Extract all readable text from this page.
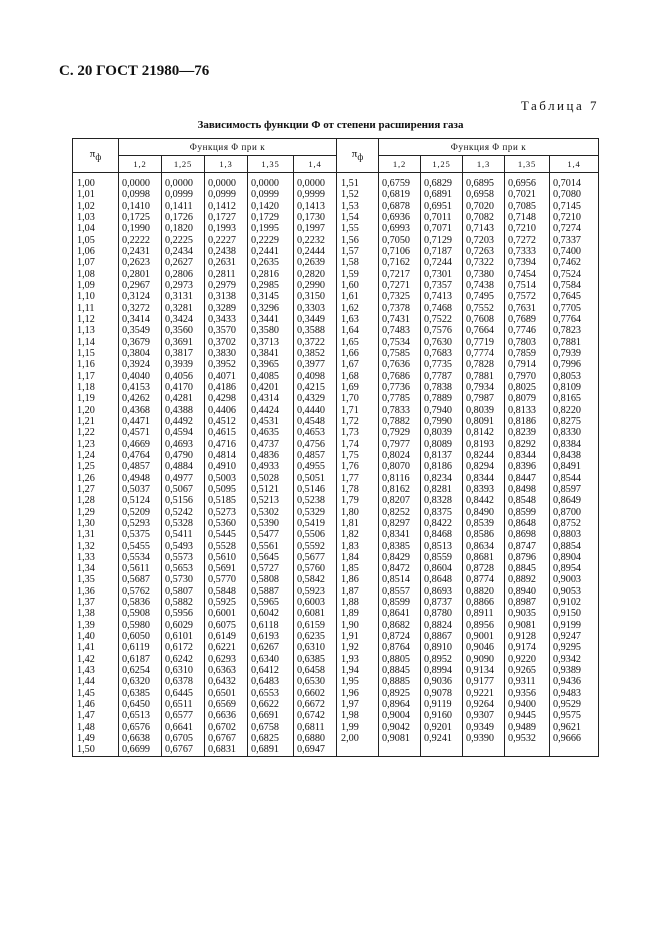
С. 20 ГОСТ 21980—76
Таблица 7
Зависимость функции Φ от степени расширения газа
$\pi_ф$	Функция Φ при к					$\pi_ф$	Функция Φ при к				
	1,2	1,25	1,3	1,35	1,4		1,2	1,25	1,3	1,35	1,4
1,00	0,0000	0,0000	0,0000	0,0000	0,0000	1,51	0,6759	0,6829	0,6895	0,6956	0,7014
1,01	0,0998	0,0999	0,0999	0,0999	0,9999	1,52	0,6819	0,6891	0,6958	0,7021	0,7080
1,02	0,1410	0,1411	0,1412	0,1420	0,1413	1,53	0,6878	0,6951	0,7020	0,7085	0,7145
1,03	0,1725	0,1726	0,1727	0,1729	0,1730	1,54	0,6936	0,7011	0,7082	0,7148	0,7210
1,04	0,1990	0,1820	0,1993	0,1995	0,1997	1,55	0,6993	0,7071	0,7143	0,7210	0,7274
1,05	0,2222	0,2225	0,2227	0,2229	0,2232	1,56	0,7050	0,7129	0,7203	0,7272	0,7337
1,06	0,2431	0,2434	0,2438	0,2441	0,2444	1,57	0,7106	0,7187	0,7263	0,7333	0,7400
1,07	0,2623	0,2627	0,2631	0,2635	0,2639	1,58	0,7162	0,7244	0,7322	0,7394	0,7462
1,08	0,2801	0,2806	0,2811	0,2816	0,2820	1,59	0,7217	0,7301	0,7380	0,7454	0,7524
1,09	0,2967	0,2973	0,2979	0,2985	0,2990	1,60	0,7271	0,7357	0,7438	0,7514	0,7584
1,10	0,3124	0,3131	0,3138	0,3145	0,3150	1,61	0,7325	0,7413	0,7495	0,7572	0,7645
1,11	0,3272	0,3281	0,3289	0,3296	0,3303	1,62	0,7378	0,7468	0,7552	0,7631	0,7705
1,12	0,3414	0,3424	0,3433	0,3441	0,3449	1,63	0,7431	0,7522	0,7608	0,7689	0,7764
1,13	0,3549	0,3560	0,3570	0,3580	0,3588	1,64	0,7483	0,7576	0,7664	0,7746	0,7823
1,14	0,3679	0,3691	0,3702	0,3713	0,3722	1,65	0,7534	0,7630	0,7719	0,7803	0,7881
1,15	0,3804	0,3817	0,3830	0,3841	0,3852	1,66	0,7585	0,7683	0,7774	0,7859	0,7939
1,16	0,3924	0,3939	0,3952	0,3965	0,3977	1,67	0,7636	0,7735	0,7828	0,7914	0,7996
1,17	0,4040	0,4056	0,4071	0,4085	0,4098	1,68	0,7686	0,7787	0,7881	0,7970	0,8053
1,18	0,4153	0,4170	0,4186	0,4201	0,4215	1,69	0,7736	0,7838	0,7934	0,8025	0,8109
1,19	0,4262	0,4281	0,4298	0,4314	0,4329	1,70	0,7785	0,7889	0,7987	0,8079	0,8165
1,20	0,4368	0,4388	0,4406	0,4424	0,4440	1,71	0,7833	0,7940	0,8039	0,8133	0,8220
1,21	0,4471	0,4492	0,4512	0,4531	0,4548	1,72	0,7882	0,7990	0,8091	0,8186	0,8275
1,22	0,4571	0,4594	0,4615	0,4635	0,4653	1,73	0,7929	0,8039	0,8142	0,8239	0,8330
1,23	0,4669	0,4693	0,4716	0,4737	0,4756	1,74	0,7977	0,8089	0,8193	0,8292	0,8384
1,24	0,4764	0,4790	0,4814	0,4836	0,4857	1,75	0,8024	0,8137	0,8244	0,8344	0,8438
1,25	0,4857	0,4884	0,4910	0,4933	0,4955	1,76	0,8070	0,8186	0,8294	0,8396	0,8491
1,26	0,4948	0,4977	0,5003	0,5028	0,5051	1,77	0,8116	0,8234	0,8344	0,8447	0,8544
1,27	0,5037	0,5067	0,5095	0,5121	0,5146	1,78	0,8162	0,8281	0,8393	0,8498	0,8597
1,28	0,5124	0,5156	0,5185	0,5213	0,5238	1,79	0,8207	0,8328	0,8442	0,8548	0,8649
1,29	0,5209	0,5242	0,5273	0,5302	0,5329	1,80	0,8252	0,8375	0,8490	0,8599	0,8700
1,30	0,5293	0,5328	0,5360	0,5390	0,5419	1,81	0,8297	0,8422	0,8539	0,8648	0,8752
1,31	0,5375	0,5411	0,5445	0,5477	0,5506	1,82	0,8341	0,8468	0,8586	0,8698	0,8803
1,32	0,5455	0,5493	0,5528	0,5561	0,5592	1,83	0,8385	0,8513	0,8634	0,8747	0,8854
1,33	0,5534	0,5573	0,5610	0,5645	0,5677	1,84	0,8429	0,8559	0,8681	0,8796	0,8904
1,34	0,5611	0,5653	0,5691	0,5727	0,5760	1,85	0,8472	0,8604	0,8728	0,8845	0,8954
1,35	0,5687	0,5730	0,5770	0,5808	0,5842	1,86	0,8514	0,8648	0,8774	0,8892	0,9003
1,36	0,5762	0,5807	0,5848	0,5887	0,5923	1,87	0,8557	0,8693	0,8820	0,8940	0,9053
1,37	0,5836	0,5882	0,5925	0,5965	0,6003	1,88	0,8599	0,8737	0,8866	0,8987	0,9102
1,38	0,5908	0,5956	0,6001	0,6042	0,6081	1,89	0,8641	0,8780	0,8911	0,9035	0,9150
1,39	0,5980	0,6029	0,6075	0,6118	0,6159	1,90	0,8682	0,8824	0,8956	0,9081	0,9199
1,40	0,6050	0,6101	0,6149	0,6193	0,6235	1,91	0,8724	0,8867	0,9001	0,9128	0,9247
1,41	0,6119	0,6172	0,6221	0,6267	0,6310	1,92	0,8764	0,8910	0,9046	0,9174	0,9295
1,42	0,6187	0,6242	0,6293	0,6340	0,6385	1,93	0,8805	0,8952	0,9090	0,9220	0,9342
1,43	0,6254	0,6310	0,6363	0,6412	0,6458	1,94	0,8845	0,8994	0,9134	0,9265	0,9389
1,44	0,6320	0,6378	0,6432	0,6483	0,6530	1,95	0,8885	0,9036	0,9177	0,9311	0,9436
1,45	0,6385	0,6445	0,6501	0,6553	0,6602	1,96	0,8925	0,9078	0,9221	0,9356	0,9483
1,46	0,6450	0,6511	0,6569	0,6622	0,6672	1,97	0,8964	0,9119	0,9264	0,9400	0,9529
1,47	0,6513	0,6577	0,6636	0,6691	0,6742	1,98	0,9004	0,9160	0,9307	0,9445	0,9575
1,48	0,6576	0,6641	0,6702	0,6758	0,6811	1,99	0,9042	0,9201	0,9349	0,9489	0,9621
1,49	0,6638	0,6705	0,6767	0,6825	0,6880	2,00	0,9081	0,9241	0,9390	0,9532	0,9666
1,50	0,6699	0,6767	0,6831	0,6891	0,6947						
